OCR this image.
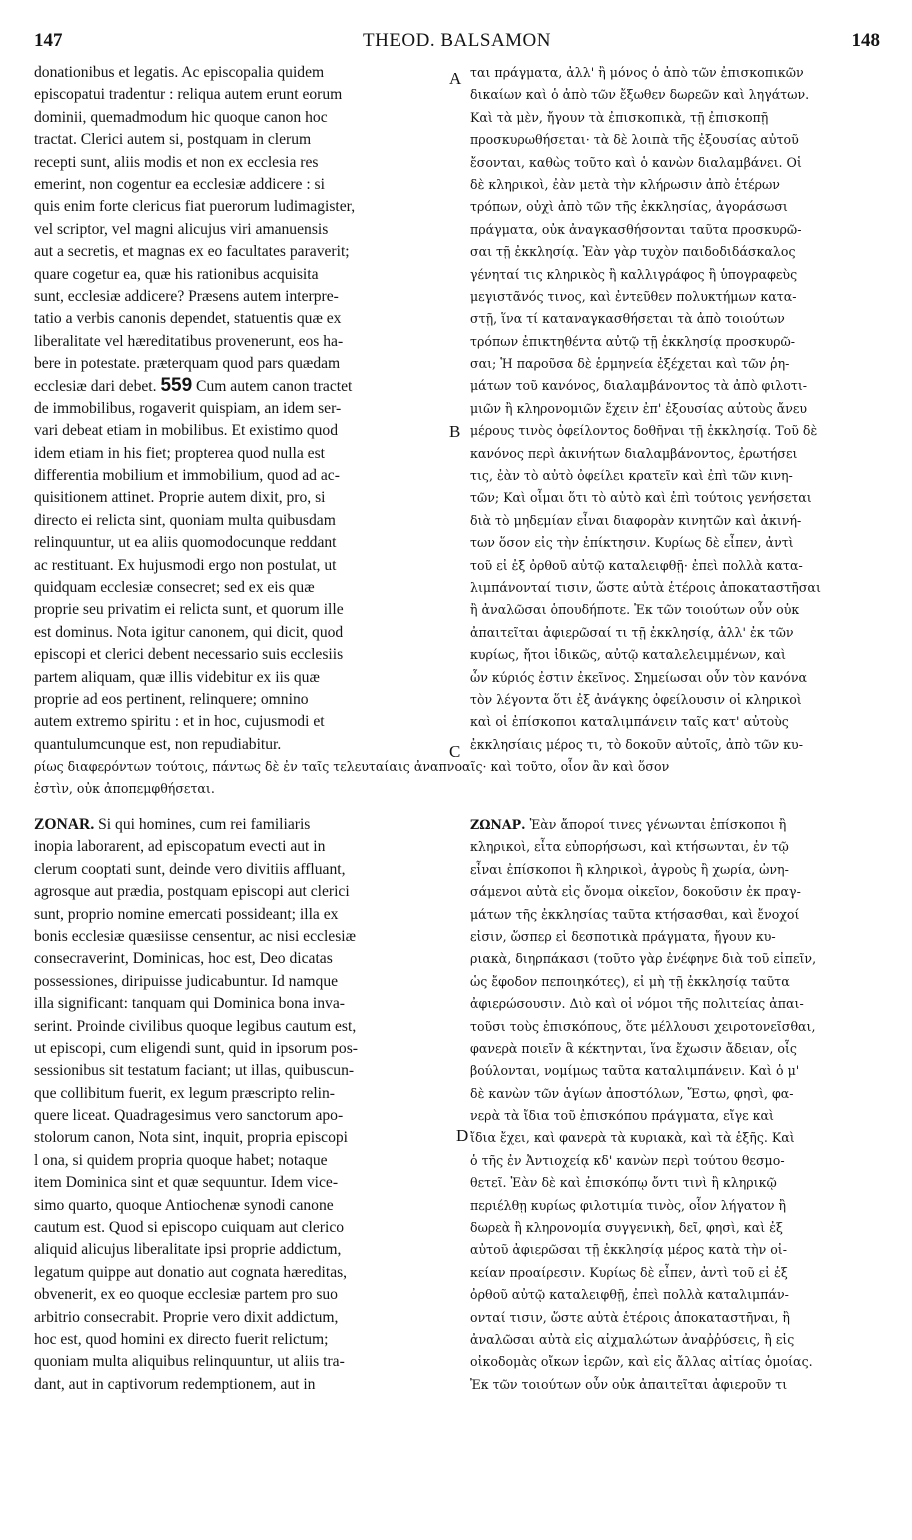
147	THEOD. BALSAMON	148
A
B
C
D
donationibus et legatis. Ac episcopalia quidem
episcopatui tradentur : reliqua autem erunt eorum
dominii, quemadmodum hic quoque canon hoc
tractat. Clerici autem si, postquam in clerum
recepti sunt, aliis modis et non ex ecclesia res
emerint, non cogentur ea ecclesiæ addicere : si
quis enim forte clericus fiat puerorum ludimagister,
vel scriptor, vel magni alicujus viri amanuensis
aut a secretis, et magnas ex eo facultates paraverit;
quare cogetur ea, quæ his rationibus acquisita
sunt, ecclesiæ addicere? Præsens autem interpre-
tatio a verbis canonis dependet, statuentis quæ ex
liberalitate vel hæreditatibus provenerunt, eos ha-
bere in potestate. præterquam quod pars quædam
ecclesiæ dari debet. 559 Cum autem canon tractet
de immobilibus, rogaverit quispiam, an idem ser-
vari debeat etiam in mobilibus. Et existimo quod
idem etiam in his fiet; propterea quod nulla est
differentia mobilium et immobilium, quod ad ac-
quisitionem attinet. Proprie autem dixit, pro, si
directo ei relicta sint, quoniam multa quibusdam
relinquuntur, ut ea aliis quomodocunque reddant
ac restituant. Ex hujusmodi ergo non postulat, ut
quidquam ecclesiæ consecret; sed ex eis quæ
proprie seu privatim ei relicta sunt, et quorum ille
est dominus. Nota igitur canonem, qui dicit, quod
episcopi et clerici debent necessario suis ecclesiis
partem aliquam, quæ illis videbitur ex iis quæ
proprie ad eos pertinent, relinquere; omnino
autem extremo spiritu : et in hoc, cujusmodi et
quantulumcunque est, non repudiabitur.
ται πράγματα, ἀλλ' ἢ μόνος ὁ ἀπὸ τῶν ἐπισκοπικῶν
δικαίων καὶ ὁ ἀπὸ τῶν ἔξωθεν δωρεῶν καὶ ληγάτων.
Καὶ τὰ μὲν, ἤγουν τὰ ἐπισκοπικὰ, τῇ ἐπισκοπῇ
προσκυρωθήσεται· τὰ δὲ λοιπὰ τῆς ἐξουσίας αὐτοῦ
ἔσονται, καθὼς τοῦτο καὶ ὁ κανὼν διαλαμβάνει. Οἱ
δὲ κληρικοὶ, ἐὰν μετὰ τὴν κλήρωσιν ἀπὸ ἑτέρων
τρόπων, οὐχὶ ἀπὸ τῶν τῆς ἐκκλησίας, ἀγοράσωσι
πράγματα, οὐκ ἀναγκασθήσονται ταῦτα προσκυρῶ-
σαι τῇ ἐκκλησίᾳ. Ἐὰν γὰρ τυχὸν παιδοδιδάσκαλος
γένηταί τις κληρικὸς ἢ καλλιγράφος ἢ ὑπογραφεὺς
μεγιστᾶνός τινος, καὶ ἐντεῦθεν πολυκτήμων κατα-
στῇ, ἵνα τί καταναγκασθήσεται τὰ ἀπὸ τοιούτων
τρόπων ἐπικτηθέντα αὐτῷ τῇ ἐκκλησίᾳ προσκυρῶ-
σαι; Ἡ παροῦσα δὲ ἑρμηνεία ἐξέχεται καὶ τῶν ῥη-
μάτων τοῦ κανόνος, διαλαμβάνοντος τὰ ἀπὸ φιλοτι-
μιῶν ἢ κληρονομιῶν ἔχειν ἐπ' ἐξουσίας αὐτοὺς ἄνευ
μέρους τινὸς ὀφείλοντος δοθῆναι τῇ ἐκκλησίᾳ. Τοῦ δὲ
κανόνος περὶ ἀκινήτων διαλαμβάνοντος, ἐρωτήσει
τις, ἐὰν τὸ αὐτὸ ὀφείλει κρατεῖν καὶ ἐπὶ τῶν κινη-
τῶν; Καὶ οἶμαι ὅτι τὸ αὐτὸ καὶ ἐπὶ τούτοις γενήσεται
διὰ τὸ μηδεμίαν εἶναι διαφορὰν κινητῶν καὶ ἀκινή-
των ὅσον εἰς τὴν ἐπίκτησιν. Κυρίως δὲ εἶπεν, ἀντὶ
τοῦ εἰ ἐξ ὀρθοῦ αὐτῷ καταλειφθῇ· ἐπεὶ πολλὰ κατα-
λιμπάνονταί τισιν, ὥστε αὐτὰ ἑτέροις ἀποκαταστῆσαι
ἢ ἀναλῶσαι ὁπουδήποτε. Ἐκ τῶν τοιούτων οὖν οὐκ
ἀπαιτεῖται ἀφιερῶσαί τι τῇ ἐκκλησίᾳ, ἀλλ' ἐκ τῶν
κυρίως, ἤτοι ἰδικῶς, αὐτῷ καταλελειμμένων, καὶ
ὧν κύριός ἐστιν ἐκεῖνος. Σημείωσαι οὖν τὸν κανόνα
τὸν λέγοντα ὅτι ἐξ ἀνάγκης ὀφείλουσιν οἱ κληρικοὶ
καὶ οἱ ἐπίσκοποι καταλιμπάνειν ταῖς κατ' αὐτοὺς
ἐκκλησίαις μέρος τι, τὸ δοκοῦν αὐτοῖς, ἀπὸ τῶν κυ-
ρίως διαφερόντων τούτοις, πάντως δὲ ἐν ταῖς τελευταίαις ἀναπνοαῖς· καὶ τοῦτο, οἷον ἂν καὶ ὅσον
ἐστὶν, οὐκ ἀποπεμφθήσεται.
ZONAR. Si qui homines, cum rei familiaris
inopia laborarent, ad episcopatum evecti aut in
clerum cooptati sunt, deinde vero divitiis affluant,
agrosque aut prædia, postquam episcopi aut clerici
sunt, proprio nomine emercati possideant; illa ex
bonis ecclesiæ quæsiisse censentur, ac nisi ecclesiæ
consecraverint, Dominicas, hoc est, Deo dicatas
possessiones, diripuisse judicabuntur. Id namque
illa significant: tanquam qui Dominica bona inva-
serint. Proinde civilibus quoque legibus cautum est,
ut episcopi, cum eligendi sunt, quid in ipsorum pos-
sessionibus sit testatum faciant; ut illas, quibuscun-
que collibitum fuerit, ex legum præscripto relin-
quere liceat. Quadragesimus vero sanctorum apo-
stolorum canon, Nota sint, inquit, propria episcopi
l ona, si quidem propria quoque habet; notaque
item Dominica sint et quæ sequuntur. Idem vice-
simo quarto, quoque Antiochenæ synodi canone
cautum est. Quod si episcopo cuiquam aut clerico
aliquid alicujus liberalitate ipsi proprie addictum,
legatum quippe aut donatio aut cognata hæreditas,
obvenerit, ex eo quoque ecclesiæ partem pro suo
arbitrio consecrabit. Proprie vero dixit addictum,
hoc est, quod homini ex directo fuerit relictum;
quoniam multa aliquibus relinquuntur, ut aliis tra-
dant, aut in captivorum redemptionem, aut in
ΖΩΝΑΡ. Ἐὰν ἄποροί τινες γένωνται ἐπίσκοποι ἢ
κληρικοὶ, εἶτα εὐπορήσωσι, καὶ κτήσωνται, ἐν τῷ
εἶναι ἐπίσκοποι ἢ κληρικοὶ, ἀγροὺς ἢ χωρία, ὠνη-
σάμενοι αὐτὰ εἰς ὄνομα οἰκεῖον, δοκοῦσιν ἐκ πραγ-
μάτων τῆς ἐκκλησίας ταῦτα κτήσασθαι, καὶ ἔνοχοί
εἰσιν, ὥσπερ εἰ δεσποτικὰ πράγματα, ἤγουν κυ-
ριακὰ, διηρπάκασι (τοῦτο γὰρ ἐνέφηνε διὰ τοῦ εἰπεῖν,
ὡς ἔφοδον πεποιηκότες), εἰ μὴ τῇ ἐκκλησίᾳ ταῦτα
ἀφιερώσουσιν. Διὸ καὶ οἱ νόμοι τῆς πολιτείας ἀπαι-
τοῦσι τοὺς ἐπισκόπους, ὅτε μέλλουσι χειροτονεῖσθαι,
φανερὰ ποιεῖν ἃ κέκτηνται, ἵνα ἔχωσιν ἄδειαν, οἷς
βούλονται, νομίμως ταῦτα καταλιμπάνειν. Καὶ ὁ μ'
δὲ κανὼν τῶν ἁγίων ἀποστόλων, Ἔστω, φησὶ, φα-
νερὰ τὰ ἴδια τοῦ ἐπισκόπου πράγματα, εἴγε καὶ
ἴδια ἔχει, καὶ φανερὰ τὰ κυριακὰ, καὶ τὰ ἑξῆς. Καὶ
ὁ τῆς ἐν Ἀντιοχείᾳ κδ' κανὼν περὶ τούτου θεσμο-
θετεῖ. Ἐὰν δὲ καὶ ἐπισκόπῳ ὄντι τινὶ ἢ κληρικῷ
περιέλθῃ κυρίως φιλοτιμία τινὸς, οἷον λήγατον ἢ
δωρεὰ ἢ κληρονομία συγγενικὴ, δεῖ, φησὶ, καὶ ἐξ
αὐτοῦ ἀφιερῶσαι τῇ ἐκκλησίᾳ μέρος κατὰ τὴν οἰ-
κείαν προαίρεσιν. Κυρίως δὲ εἶπεν, ἀντὶ τοῦ εἰ ἐξ
ὀρθοῦ αὐτῷ καταλειφθῇ, ἐπεὶ πολλὰ καταλιμπάν-
ονταί τισιν, ὥστε αὐτὰ ἑτέροις ἀποκαταστῆναι, ἢ
ἀναλῶσαι αὐτὰ εἰς αἰχμαλώτων ἀναῤῥύσεις, ἢ εἰς
οἰκοδομὰς οἴκων ἱερῶν, καὶ εἰς ἄλλας αἰτίας ὁμοίας.
Ἐκ τῶν τοιούτων οὖν οὐκ ἀπαιτεῖται ἀφιεροῦν τι
